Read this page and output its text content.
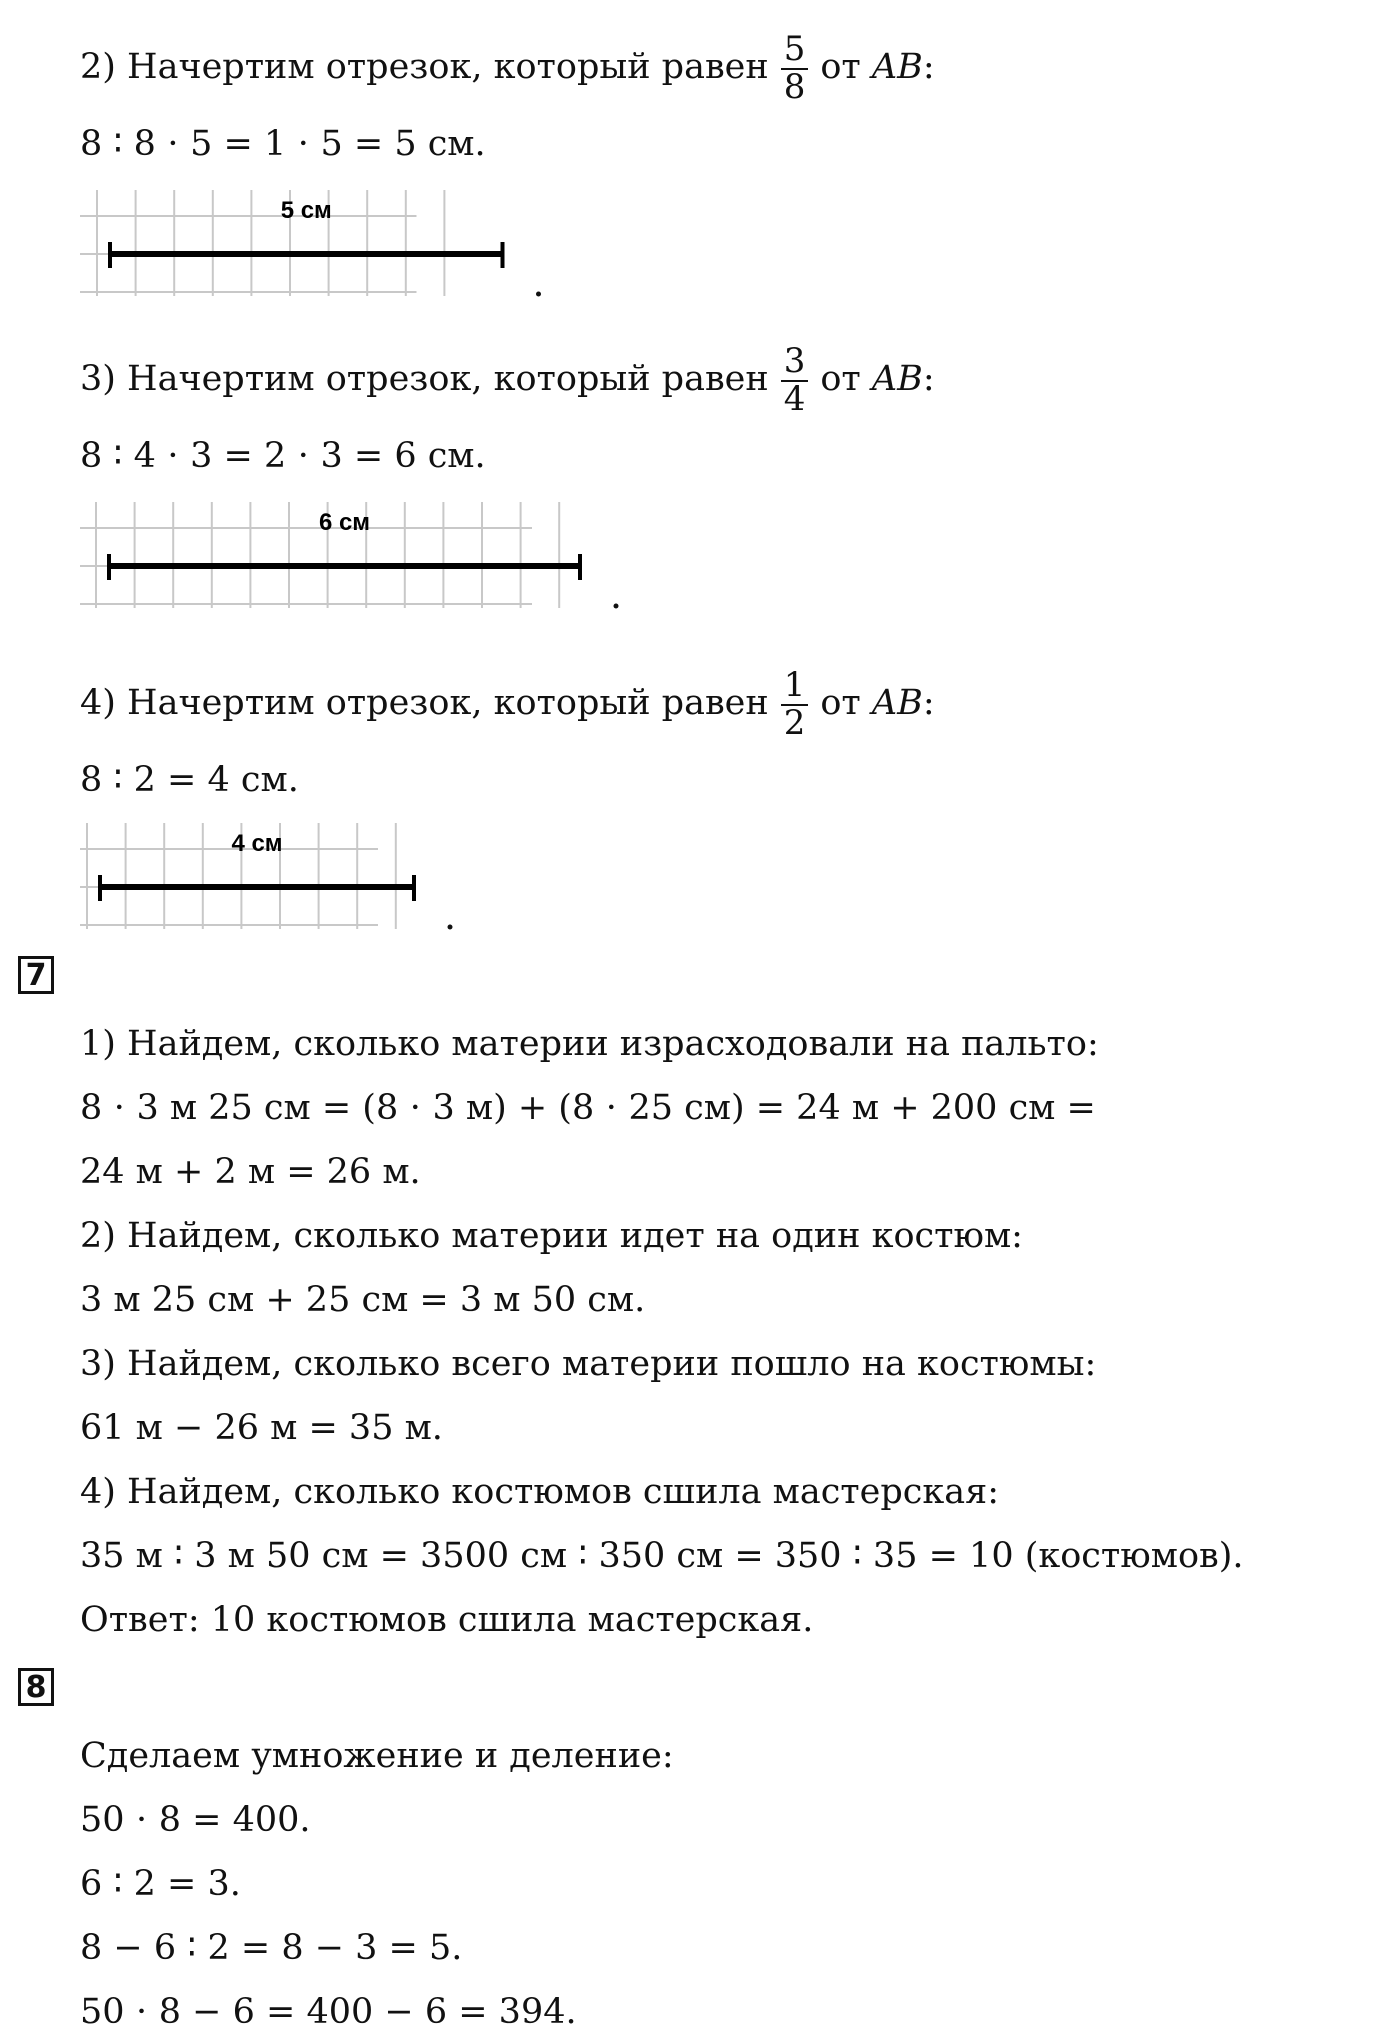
2) Начертим отрезок, который равен $\frac{5}{8}$ от AB:
8 ∶ 8 ⋅ 5 = 1 ⋅ 5 = 5 см.
5 см
3) Начертим отрезок, который равен $\frac{3}{4}$ от AB:
8 ∶ 4 ⋅ 3 = 2 ⋅ 3 = 6 см.
6 см
4) Начертим отрезок, который равен $\frac{1}{2}$ от AB:
8 ∶ 2 = 4 см.
4 см
7
1) Найдем, сколько материи израсходовали на пальто:
8 ⋅ 3 м 25 см = (8 ⋅ 3 м) + (8 ⋅ 25 см) = 24 м + 200 см =
24 м + 2 м = 26 м.
2) Найдем, сколько материи идет на один костюм:
3 м 25 см + 25 см = 3 м 50 см.
3) Найдем, сколько всего материи пошло на костюмы:
61 м − 26 м = 35 м.
4) Найдем, сколько костюмов сшила мастерская:
35 м ∶ 3 м 50 см = 3500 см ∶ 350 см = 350 ∶ 35 = 10 (костюмов).
Ответ: 10 костюмов сшила мастерская.
8
Сделаем умножение и деление:
50 ⋅ 8 = 400.
6 ∶ 2 = 3.
8 − 6 ∶ 2 = 8 − 3 = 5.
50 ⋅ 8 − 6 = 400 − 6 = 394.
